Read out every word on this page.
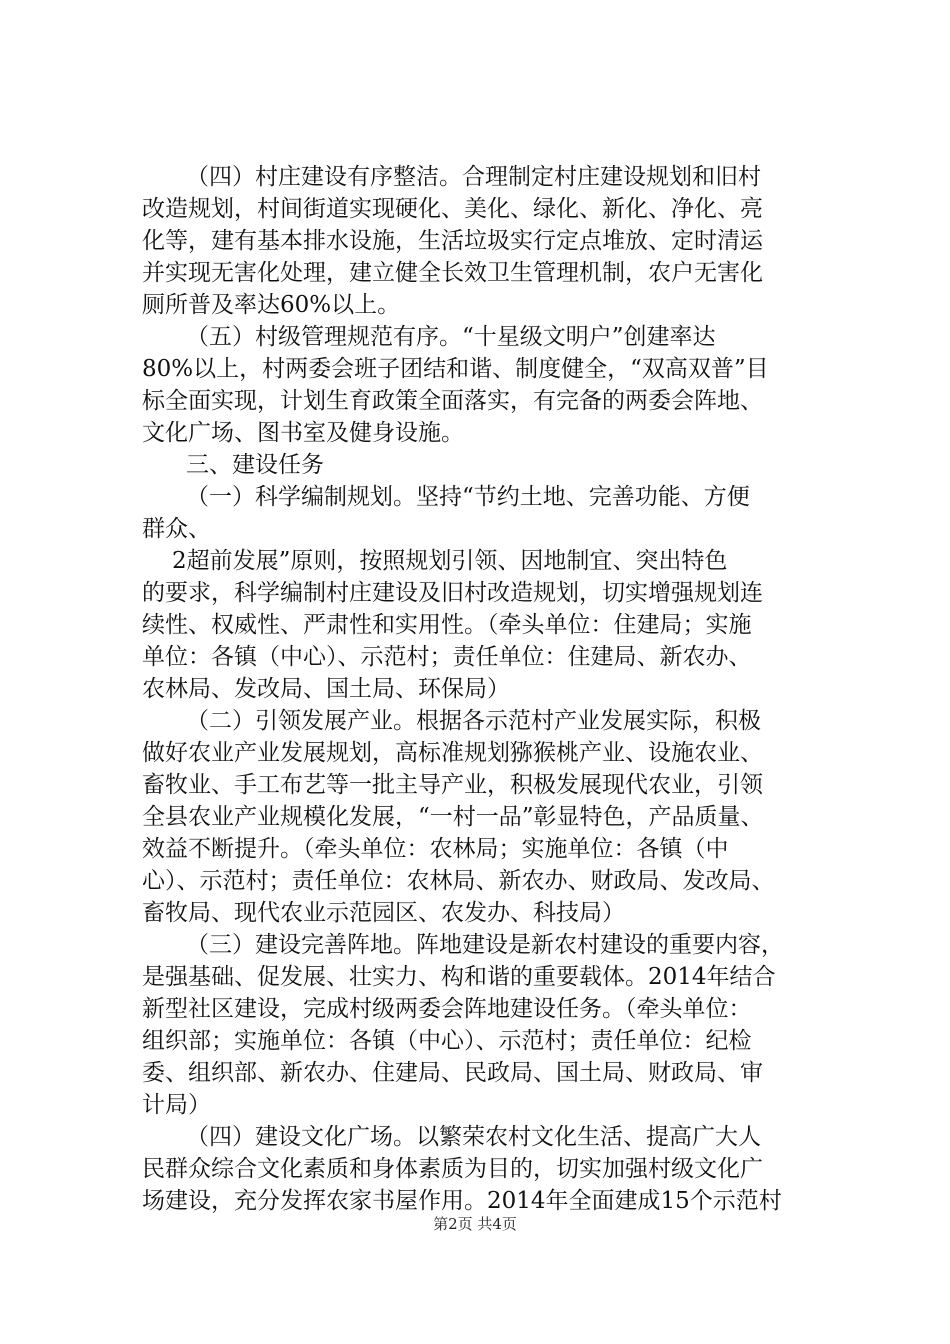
（四）村庄建设有序整洁。合理制定村庄建设规划和旧村
改造规划，村间街道实现硬化、美化、绿化、新化、净化、亮
化等，建有基本排水设施，生活垃圾实行定点堆放、定时清运
并实现无害化处理，建立健全长效卫生管理机制，农户无害化
厕所普及率达60%以上。
（五）村级管理规范有序。“十星级文明户”创建率达
80%以上，村两委会班子团结和谐、制度健全，“双高双普”目
标全面实现，计划生育政策全面落实，有完备的两委会阵地、
文化广场、图书室及健身设施。
三、建设任务
（一）科学编制规划。坚持“节约土地、完善功能、方便
群众、
2超前发展”原则，按照规划引领、因地制宜、突出特色
的要求，科学编制村庄建设及旧村改造规划，切实增强规划连
续性、权威性、严肃性和实用性。（牵头单位：住建局；实施
单位：各镇（中心）、示范村；责任单位：住建局、新农办、
农林局、发改局、国土局、环保局）
（二）引领发展产业。根据各示范村产业发展实际，积极
做好农业产业发展规划，高标准规划猕猴桃产业、设施农业、
畜牧业、手工布艺等一批主导产业，积极发展现代农业，引领
全县农业产业规模化发展，“一村一品”彰显特色，产品质量、
效益不断提升。（牵头单位：农林局；实施单位：各镇（中
心）、示范村；责任单位：农林局、新农办、财政局、发改局、
畜牧局、现代农业示范园区、农发办、科技局）
（三）建设完善阵地。阵地建设是新农村建设的重要内容，
是强基础、促发展、壮实力、构和谐的重要载体。2014年结合
新型社区建设，完成村级两委会阵地建设任务。（牵头单位：
组织部；实施单位：各镇（中心）、示范村；责任单位：纪检
委、组织部、新农办、住建局、民政局、国土局、财政局、审
计局）
（四）建设文化广场。以繁荣农村文化生活、提高广大人
民群众综合文化素质和身体素质为目的，切实加强村级文化广
场建设，充分发挥农家书屋作用。2014年全面建成15个示范村
第2页 共4页
